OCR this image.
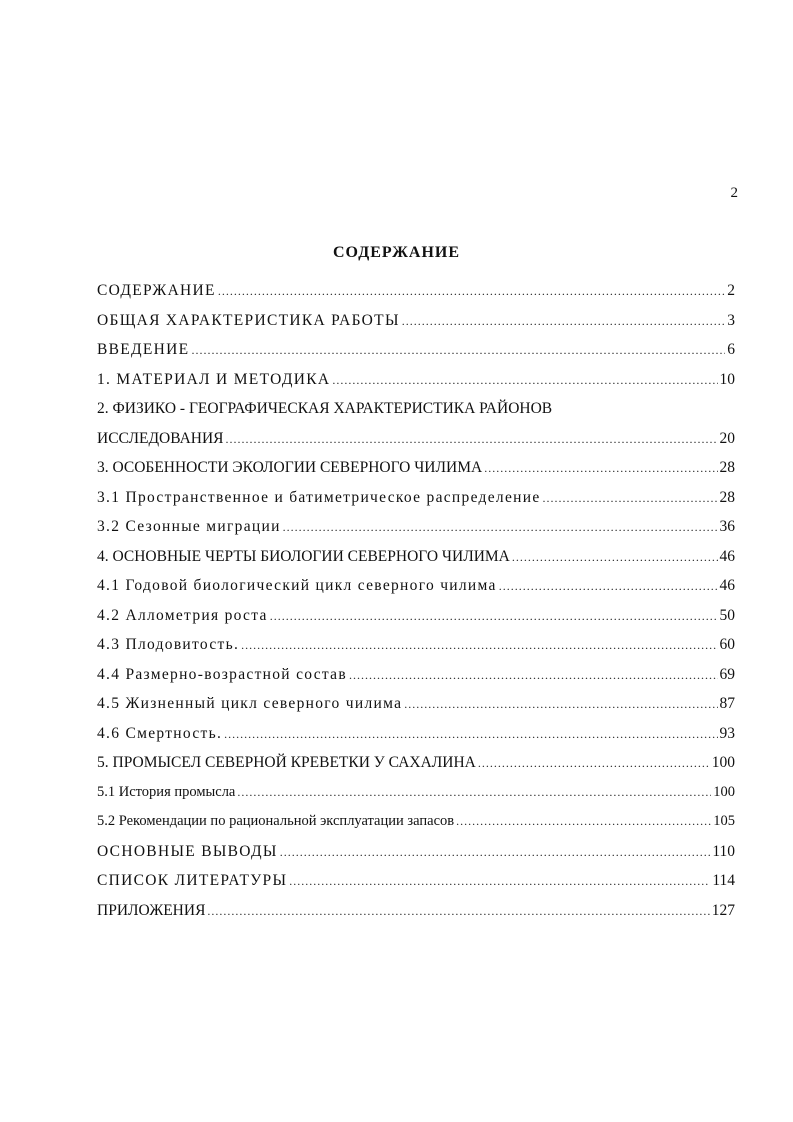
2
СОДЕРЖАНИЕ
СОДЕРЖАНИЕ .....	2
ОБЩАЯ ХАРАКТЕРИСТИКА РАБОТЫ .....	3
ВВЕДЕНИЕ .....	6
1. МАТЕРИАЛ И МЕТОДИКА .....	10
2. ФИЗИКО - ГЕОГРАФИЧЕСКАЯ ХАРАКТЕРИСТИКА РАЙОНОВ
ИССЛЕДОВАНИЯ .....	20
3. ОСОБЕННОСТИ ЭКОЛОГИИ СЕВЕРНОГО ЧИЛИМА .....	28
3.1 Пространственное и батиметрическое распределение .....	28
3.2 Сезонные миграции .....	36
4. ОСНОВНЫЕ ЧЕРТЫ БИОЛОГИИ СЕВЕРНОГО ЧИЛИМА .....	46
4.1 Годовой биологический цикл северного чилима .....	46
4.2 Аллометрия роста .....	50
4.3 Плодовитость. .....	60
4.4 Размерно-возрастной состав .....	69
4.5 Жизненный цикл северного чилима .....	87
4.6 Смертность. .....	93
5. ПРОМЫСЕЛ СЕВЕРНОЙ КРЕВЕТКИ У САХАЛИНА .....	100
5.1 История промысла .....	100
5.2 Рекомендации по рациональной эксплуатации запасов .....	105
ОСНОВНЫЕ ВЫВОДЫ .....	110
СПИСОК ЛИТЕРАТУРЫ .....	114
ПРИЛОЖЕНИЯ .....	127
